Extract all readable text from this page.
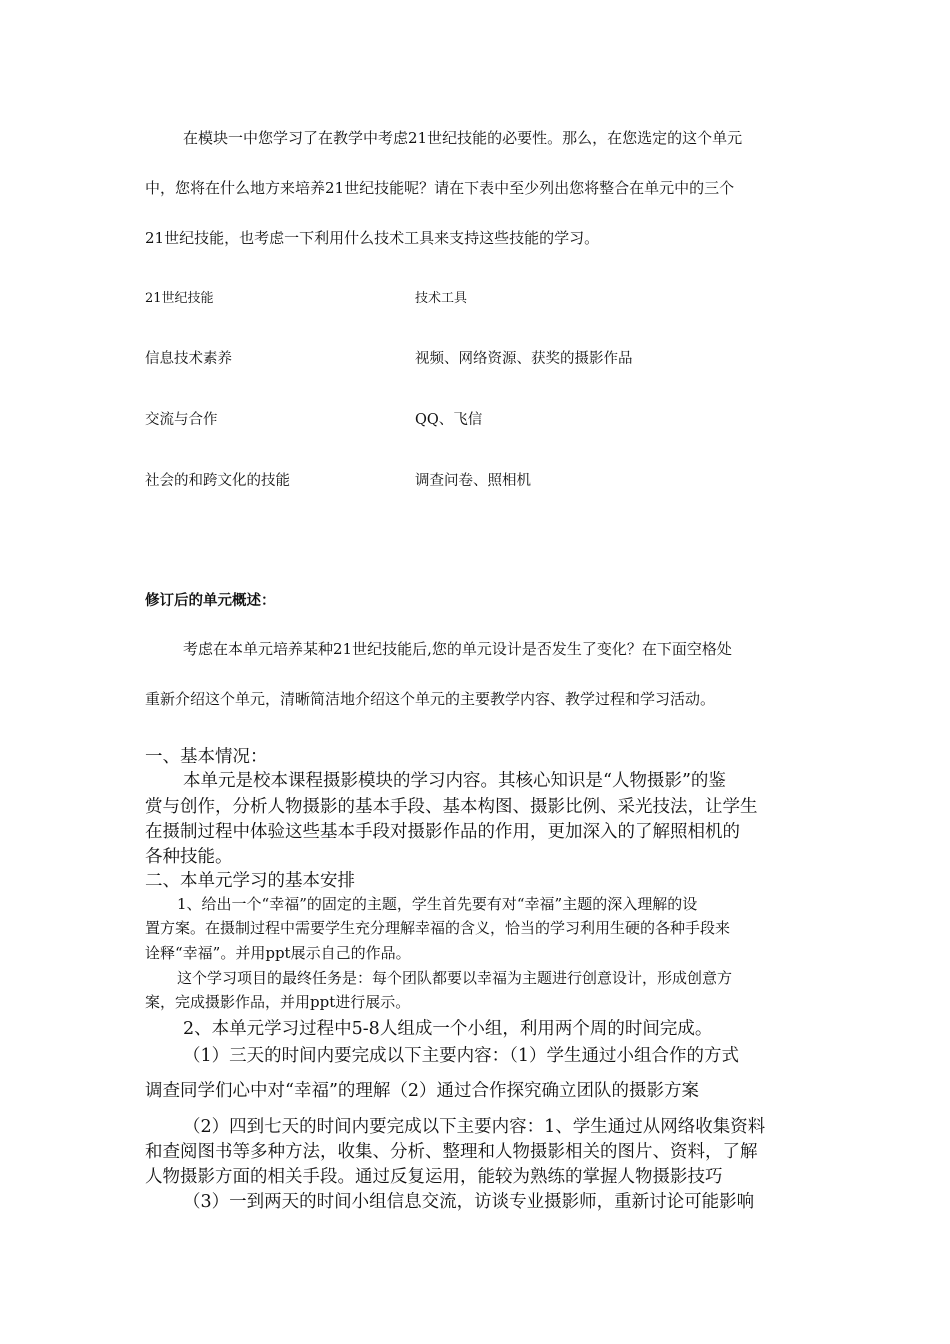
在模块一中您学习了在教学中考虑21世纪技能的必要性。那么，在您选定的这个单元
中，您将在什么地方来培养21世纪技能呢？请在下表中至少列出您将整合在单元中的三个
21世纪技能，也考虑一下利用什么技术工具来支持这些技能的学习。
21世纪技能	技术工具
信息技术素养	视频、网络资源、获奖的摄影作品
交流与合作	QQ、飞信
社会的和跨文化的技能	调查问卷、照相机
修订后的单元概述：
考虑在本单元培养某种21世纪技能后,您的单元设计是否发生了变化？在下面空格处
重新介绍这个单元，清晰简洁地介绍这个单元的主要教学内容、教学过程和学习活动。
一、基本情况：
本单元是校本课程摄影模块的学习内容。其核心知识是“人物摄影”的鉴
赏与创作，分析人物摄影的基本手段、基本构图、摄影比例、采光技法，让学生
在摄制过程中体验这些基本手段对摄影作品的作用，更加深入的了解照相机的
各种技能。
二、本单元学习的基本安排
1、给出一个“幸福”的固定的主题，学生首先要有对“幸福”主题的深入理解的设
置方案。在摄制过程中需要学生充分理解幸福的含义，恰当的学习利用生硬的各种手段来
诠释“幸福”。并用ppt展示自己的作品。
这个学习项目的最终任务是：每个团队都要以幸福为主题进行创意设计，形成创意方
案，完成摄影作品，并用ppt进行展示。
2、本单元学习过程中5-8人组成一个小组，利用两个周的时间完成。
（1）三天的时间内要完成以下主要内容：（1）学生通过小组合作的方式
调查同学们心中对“幸福”的理解（2）通过合作探究确立团队的摄影方案
（2）四到七天的时间内要完成以下主要内容：1、学生通过从网络收集资料
和查阅图书等多种方法，收集、分析、整理和人物摄影相关的图片、资料，了解
人物摄影方面的相关手段。通过反复运用，能较为熟练的掌握人物摄影技巧
（3）一到两天的时间小组信息交流，访谈专业摄影师，重新讨论可能影响
